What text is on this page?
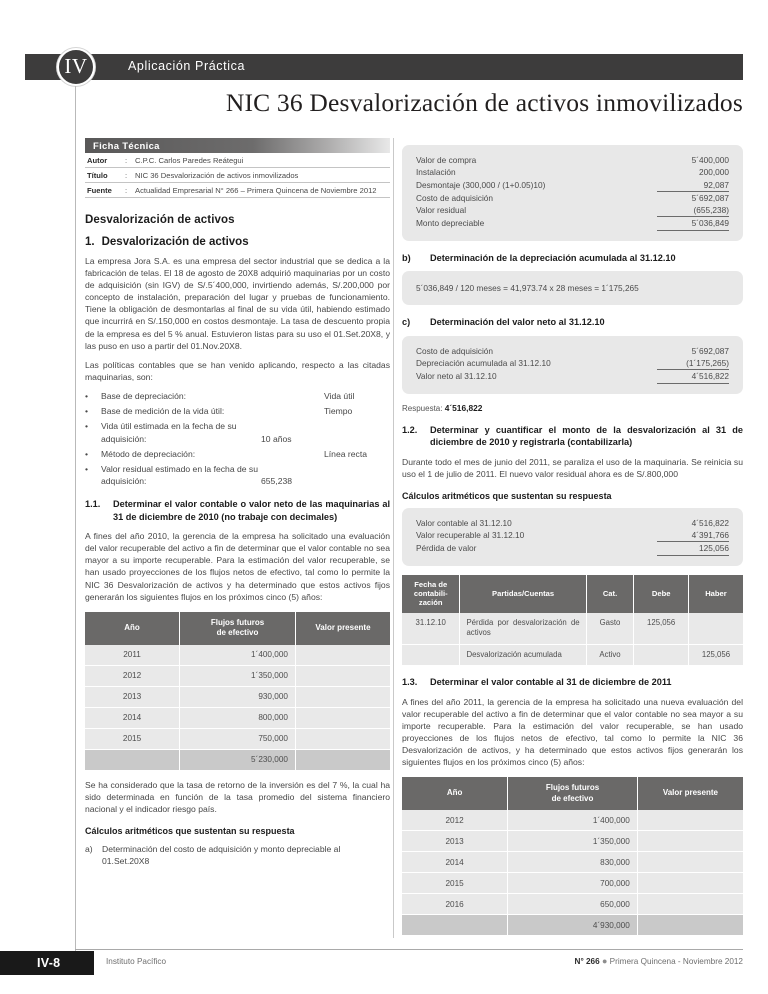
Aplicación Práctica
IV
NIC 36 Desvalorización de activos inmovilizados
Ficha Técnica
Autor	:	C.P.C. Carlos Paredes Reátegui
Título	:	NIC 36 Desvalorización de activos inmovilizados
Fuente	:	Actualidad Empresarial N° 266 – Primera Quincena de Noviembre 2012
Desvalorización de activos
1. Desvalorización de activos

La empresa Jora S.A. es una empresa del sector industrial que se dedica a la fabricación de telas. El 18 de agosto de 20X8 adquirió maquinarias por un costo de adquisición (sin IGV) de S/.5´400,000, invirtiendo además, S/.200,000 por concepto de instalación, preparación del lugar y pruebas de funcionamiento. Tiene la obligación de desmontarlas al final de su vida útil, habiendo estimado que incurrirá en S/.150,000 en costos desmontaje. La tasa de descuento propia de la empresa es del 5 % anual. Estuvieron listas para su uso el 01.Set.20X8, y las puso en uso a partir del 01.Nov.20X8.

Las políticas contables que se han venido aplicando, respecto a las citadas maquinarias, son:

•	Base de depreciación:	Vida útil
•	Base de medición de la vida útil:	Tiempo
•	Vida útil estimada en la fecha de su adquisición:	10 años
•	Método de depreciación:	Línea recta
•	Valor residual estimado en la fecha de su adquisición:	655,238
1.1.	Determinar el valor contable o valor neto de las maquinarias al 31 de diciembre de 2010 (no trabaje con decimales)

A fines del año 2010, la gerencia de la empresa ha solicitado una evaluación del valor recuperable del activo a fin de determinar que el valor contable no sea mayor a su importe recuperable. Para la estimación del valor recuperable, se han usado proyecciones de los flujos netos de efectivo, tal como lo permite la NIC 36 Desvalorización de activos y ha determinado que estos activos fijos generarán los siguientes flujos en los próximos cinco (5) años:

Año	Flujos futuros
de efectivo	Valor presente
2011	1´400,000	
2012	1´350,000	
2013	930,000	
2014	800,000	
2015	750,000	
	5´230,000	

Se ha considerado que la tasa de retorno de la inversión es del 7 %, la cual ha sido determinada en función de la tasa promedio del sistema financiero nacional y el indicador riesgo país.

Cálculos aritméticos que sustentan su respuesta
a)	Determinación del costo de adquisición y monto depreciable al 01.Set.20X8
Valor de compra	5´400,000
Instalación	200,000
Desmontaje (300,000 / (1+0.05)10)	92,087
Costo de adquisición	5´692,087
Valor residual	(655,238)
Monto depreciable	5´036,849
b)	Determinación de la depreciación acumulada al 31.12.10
5´036,849 / 120 meses = 41,973.74 x 28 meses = 1´175,265
c)	Determinación del valor neto al 31.12.10
Costo de adquisición	5´692,087
Depreciación acumulada al 31.12.10	(1´175,265)
Valor neto al 31.12.10	4´516,822

Respuesta: 4´516,822

1.2.	Determinar y cuantificar el monto de la desvalorización al 31 de diciembre de 2010 y registrarla (contabilizarla)

Durante todo el mes de junio del 2011, se paraliza el uso de la maquinaria. Se reinicia su uso el 1 de julio de 2011. El nuevo valor residual ahora es de S/.800,000

Cálculos aritméticos que sustentan su respuesta
Valor contable al 31.12.10	4´516,822
Valor recuperable al 31.12.10	4´391,766
Pérdida de valor	125,056
Fecha de
contabili-
zación	Partidas/Cuentas	Cat.	Debe	Haber
31.12.10	Pérdida por desvalorización de activos	Gasto	125,056	
	Desvalorización acumulada	Activo		125,056
1.3.	Determinar el valor contable al 31 de diciembre de 2011

A fines del año 2011, la gerencia de la empresa ha solicitado una nueva evaluación del valor recuperable del activo a fin de determinar que el valor contable no sea mayor a su importe recuperable. Para la estimación del valor recuperable, se han usado proyecciones de los flujos netos de efectivo, tal como lo permite la NIC 36 Desvalorización de activos, y ha determinado que estos activos fijos generarán los siguientes flujos en los próximos cinco (5) años:

Año	Flujos futuros
de efectivo	Valor presente
2012	1´400,000	
2013	1´350,000	
2014	830,000	
2015	700,000	
2016	650,000	
	4´930,000	
IV-8	Instituto Pacífico	N° 266 ● Primera Quincena - Noviembre 2012
